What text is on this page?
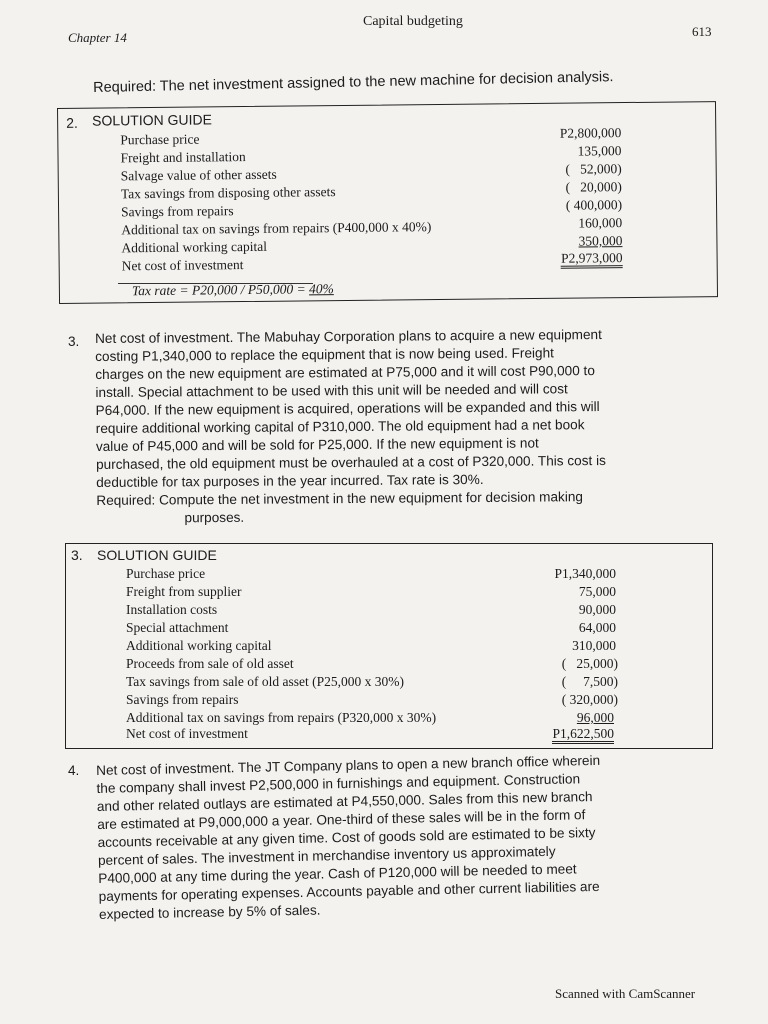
Chapter 14
Capital budgeting
613
Required: The net investment assigned to the new machine for decision analysis.
2. SOLUTION GUIDE
Purchase price
Freight and installation
Salvage value of other assets
Tax savings from disposing other assets
Savings from repairs
Additional tax on savings from repairs (P400,000 x 40%)
Additional working capital
Net cost of investment
P2,800,000
135,000
(   52,000)
(   20,000)
( 400,000)
160,000
350,000
P2,973,000
Tax rate = P20,000 / P50,000 = 40%
3. Net cost of investment. The Mabuhay Corporation plans to acquire a new equipment
costing P1,340,000 to replace the equipment that is now being used. Freight
charges on the new equipment are estimated at P75,000 and it will cost P90,000 to
install. Special attachment to be used with this unit will be needed and will cost
P64,000. If the new equipment is acquired, operations will be expanded and this will
require additional working capital of P310,000. The old equipment had a net book
value of P45,000 and will be sold for P25,000. If the new equipment is not
purchased, the old equipment must be overhauled at a cost of P320,000. This cost is
deductible for tax purposes in the year incurred. Tax rate is 30%.
Required: Compute the net investment in the new equipment for decision making
purposes.
3. SOLUTION GUIDE
Purchase price
Freight from supplier
Installation costs
Special attachment
Additional working capital
Proceeds from sale of old asset
Tax savings from sale of old asset (P25,000 x 30%)
Savings from repairs
Additional tax on savings from repairs (P320,000 x 30%)
Net cost of investment
P1,340,000
75,000
90,000
64,000
310,000
(   25,000)
(     7,500)
( 320,000)
96,000
P1,622,500
4. Net cost of investment. The JT Company plans to open a new branch office wherein
the company shall invest P2,500,000 in furnishings and equipment. Construction
and other related outlays are estimated at P4,550,000. Sales from this new branch
are estimated at P9,000,000 a year. One-third of these sales will be in the form of
accounts receivable at any given time. Cost of goods sold are estimated to be sixty
percent of sales. The investment in merchandise inventory us approximately
P400,000 at any time during the year. Cash of P120,000 will be needed to meet
payments for operating expenses. Accounts payable and other current liabilities are
expected to increase by 5% of sales.
Scanned with CamScanner
